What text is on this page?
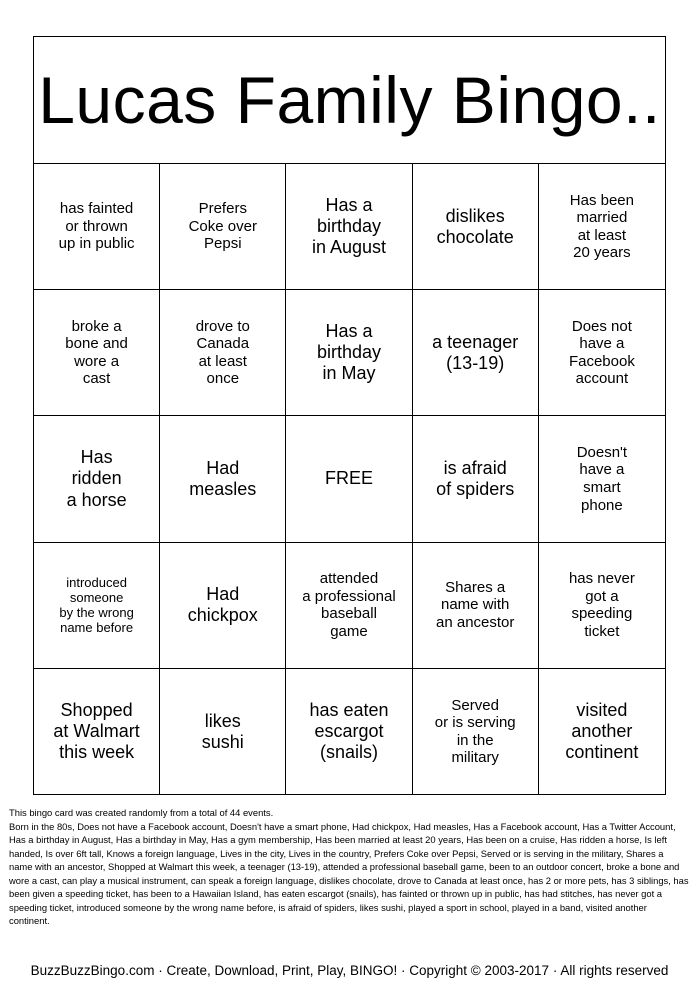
Lucas Family Bingo..
has fainted
or thrown
up in public
Prefers
Coke over
Pepsi
Has a
birthday
in August
dislikes
chocolate
Has been
married
at least
20 years
broke a
bone and
wore a
cast
drove to
Canada
at least
once
Has a
birthday
in May
a teenager
(13-19)
Does not
have a
Facebook
account
Has
ridden
a horse
Had
measles
FREE
is afraid
of spiders
Doesn't
have a
smart
phone
introduced
someone
by the wrong
name before
Had
chickpox
attended
a professional
baseball
game
Shares a
name with
an ancestor
has never
got a
speeding
ticket
Shopped
at Walmart
this week
likes
sushi
has eaten
escargot
(snails)
Served
or is serving
in the
military
visited
another
continent

This bingo card was created randomly from a total of 44 events.

Born in the 80s, Does not have a Facebook account, Doesn't have a smart phone, Had chickpox, Had measles, Has a Facebook account, Has a Twitter Account, Has a birthday in August, Has a birthday in May, Has a gym membership, Has been married at least 20 years, Has been on a cruise, Has ridden a horse, Is left handed, Is over 6ft tall, Knows a foreign language, Lives in the city, Lives in the country, Prefers Coke over Pepsi, Served or is serving in the military, Shares a name with an ancestor, Shopped at Walmart this week, a teenager (13-19), attended a professional baseball game, been to an outdoor concert, broke a bone and wore a cast, can play a musical instrument, can speak a foreign language, dislikes chocolate, drove to Canada at least once, has 2 or more pets, has 3 siblings, has been given a speeding ticket, has been to a Hawaiian Island, has eaten escargot (snails), has fainted or thrown up in public, has had stitches, has never got a speeding ticket, introduced someone by the wrong name before, is afraid of spiders, likes sushi, played a sport in school, played in a band, visited another continent.

BuzzBuzzBingo.com · Create, Download, Print, Play, BINGO! · Copyright © 2003-2017 · All rights reserved
